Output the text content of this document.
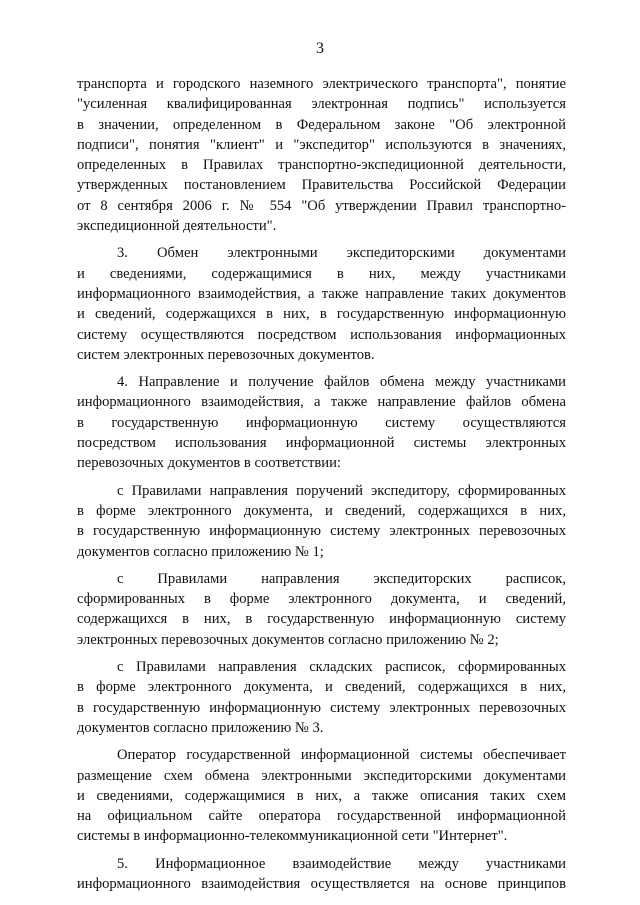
3
транспорта и городского наземного электрического транспорта", понятие
"усиленная квалифицированная электронная подпись" используется
в значении, определенном в Федеральном законе "Об электронной
подписи", понятия "клиент" и "экспедитор" используются в значениях,
определенных в Правилах транспортно-экспедиционной деятельности,
утвержденных постановлением Правительства Российской Федерации
от 8 сентября 2006 г. № 554 "Об утверждении Правил транспортно-
экспедиционной деятельности".
3. Обмен электронными экспедиторскими документами
и сведениями, содержащимися в них, между участниками
информационного взаимодействия, а также направление таких документов
и сведений, содержащихся в них, в государственную информационную
систему осуществляются посредством использования информационных
систем электронных перевозочных документов.
4. Направление и получение файлов обмена между участниками
информационного взаимодействия, а также направление файлов обмена
в государственную информационную систему осуществляются
посредством использования информационной системы электронных
перевозочных документов в соответствии:
с Правилами направления поручений экспедитору, сформированных
в форме электронного документа, и сведений, содержащихся в них,
в государственную информационную систему электронных перевозочных
документов согласно приложению № 1;
с Правилами направления экспедиторских расписок,
сформированных в форме электронного документа, и сведений,
содержащихся в них, в государственную информационную систему
электронных перевозочных документов согласно приложению № 2;
с Правилами направления складских расписок, сформированных
в форме электронного документа, и сведений, содержащихся в них,
в государственную информационную систему электронных перевозочных
документов согласно приложению № 3.
Оператор государственной информационной системы обеспечивает
размещение схем обмена электронными экспедиторскими документами
и сведениями, содержащимися в них, а также описания таких схем
на официальном сайте оператора государственной информационной
системы в информационно-телекоммуникационной сети "Интернет".
5. Информационное взаимодействие между участниками
информационного взаимодействия осуществляется на основе принципов
